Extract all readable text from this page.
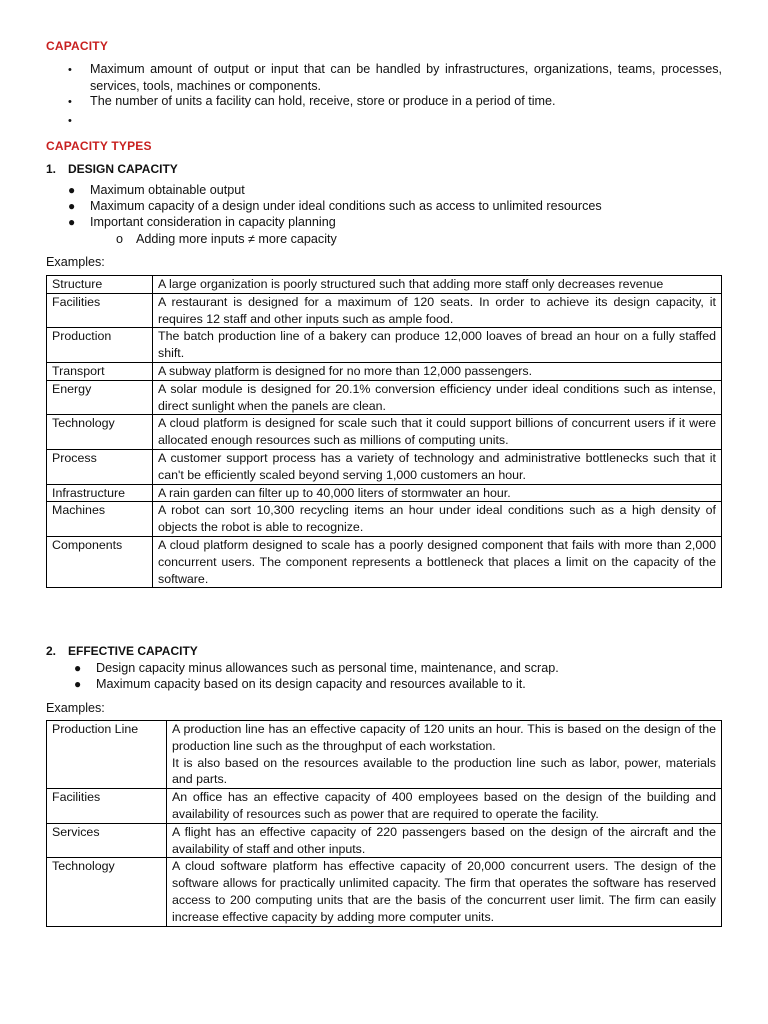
CAPACITY
• Maximum amount of output or input that can be handled by infrastructures, organizations, teams, processes, services, tools, machines or components.
• The number of units a facility can hold, receive, store or produce in a period of time.
•
CAPACITY TYPES
1. DESIGN CAPACITY
● Maximum obtainable output
● Maximum capacity of a design under ideal conditions such as access to unlimited resources
● Important consideration in capacity planning
o Adding more inputs ≠ more capacity
Examples:
Structure	A large organization is poorly structured such that adding more staff only decreases revenue

Facilities	A restaurant is designed for a maximum of 120 seats. In order to achieve its design capacity, it requires 12 staff and other inputs such as ample food.

Production	The batch production line of a bakery can produce 12,000 loaves of bread an hour on a fully staffed shift.

Transport	A subway platform is designed for no more than 12,000 passengers.

Energy	A solar module is designed for 20.1% conversion efficiency under ideal conditions such as intense, direct sunlight when the panels are clean.

Technology	A cloud platform is designed for scale such that it could support billions of concurrent users if it were allocated enough resources such as millions of computing units.

Process	A customer support process has a variety of technology and administrative bottlenecks such that it can't be efficiently scaled beyond serving 1,000 customers an hour.

Infrastructure	A rain garden can filter up to 40,000 liters of stormwater an hour.

Machines	A robot can sort 10,300 recycling items an hour under ideal conditions such as a high density of objects the robot is able to recognize.

Components	A cloud platform designed to scale has a poorly designed component that fails with more than 2,000 concurrent users. The component represents a bottleneck that places a limit on the capacity of the software.
2. EFFECTIVE CAPACITY
● Design capacity minus allowances such as personal time, maintenance, and scrap.
● Maximum capacity based on its design capacity and resources available to it.
Examples:
Production Line	A production line has an effective capacity of 120 units an hour. This is based on the design of the production line such as the throughput of each workstation.
It is also based on the resources available to the production line such as labor, power, materials and parts.

Facilities	An office has an effective capacity of 400 employees based on the design of the building and availability of resources such as power that are required to operate the facility.

Services	A flight has an effective capacity of 220 passengers based on the design of the aircraft and the availability of staff and other inputs.

Technology	A cloud software platform has effective capacity of 20,000 concurrent users. The design of the software allows for practically unlimited capacity. The firm that operates the software has reserved access to 200 computing units that are the basis of the concurrent user limit. The firm can easily increase effective capacity by adding more computer units.
